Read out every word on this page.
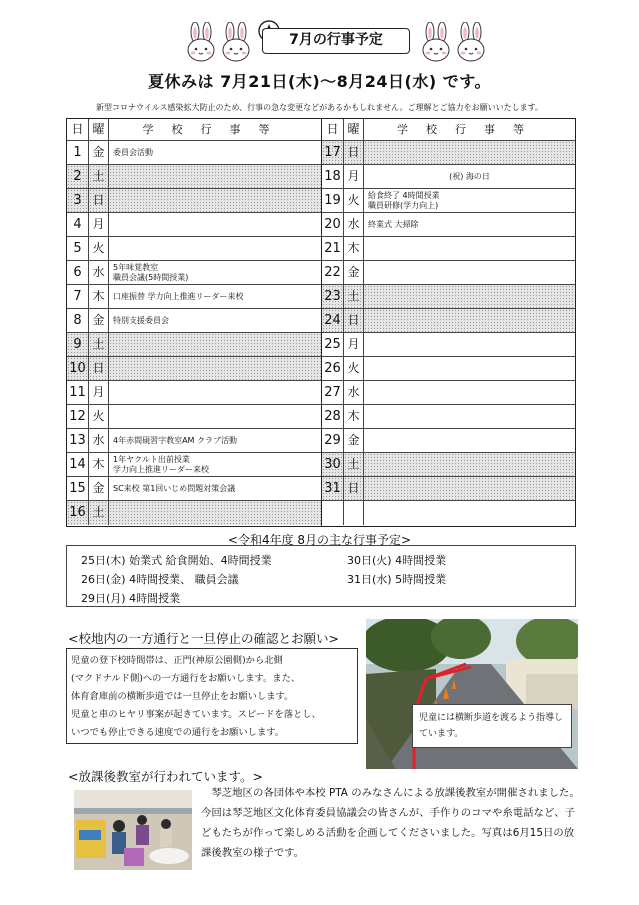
7月の行事予定
夏休みは 7月21日(木)～8月24日(水) です。
新型コロナウイルス感染拡大防止のため、行事の急な変更などがあるかもしれません。ご理解とご協力をお願いいたします。
日 曜	学校行事等
1 金	委員会活動
2 土
3 日
4 月
5 火
6 水	5年味覚教室
職員会議(5時間授業)
7 木	口座振替 学力向上推進リーダー来校
8 金	特別支援委員会
9 土
10 日
11 月
12 火
13 水	4年赤間硯習字教室AM クラブ活動
14 木	1年ヤクルト出前授業
学力向上推進リーダー来校
15 金	SC来校 第1回いじめ問題対策会議
16 土
日 曜	学校行事等
17 日
18 月	(祝) 海の日
19 火	給食終了 4時間授業
職員研修(学力向上)
20 水	終業式 大掃除
21 木
22 金
23 土
24 日
25 月
26 火
27 水
28 木
29 金
30 土
31 日
<令和4年度 8月の主な行事予定>
25日(木) 始業式 給食開始、4時間授業	30日(火) 4時間授業
26日(金) 4時間授業、 職員会議	31日(水) 5時間授業
29日(月) 4時間授業
<校地内の一方通行と一旦停止の確認とお願い>
児童の登下校時間帯は、正門(神原公園側)から北側
(マクドナルド側)への一方通行をお願いします。また、
体育倉庫前の横断歩道では一旦停止をお願いします。
児童と車のヒヤリ事案が起きています。スピードを落とし、
いつでも停止できる速度での通行をお願いします。
児童には横断歩道を渡るよう指導しています。
<放課後教室が行われています。>
琴芝地区の各団体や本校 PTA のみなさんによる放課後教室が開催されました。今回は琴芝地区文化体育委員協議会の皆さんが、手作りのコマや糸電話など、子どもたちが作って楽しめる活動を企画してくださいました。写真は6月15日の放課後教室の様子です。
